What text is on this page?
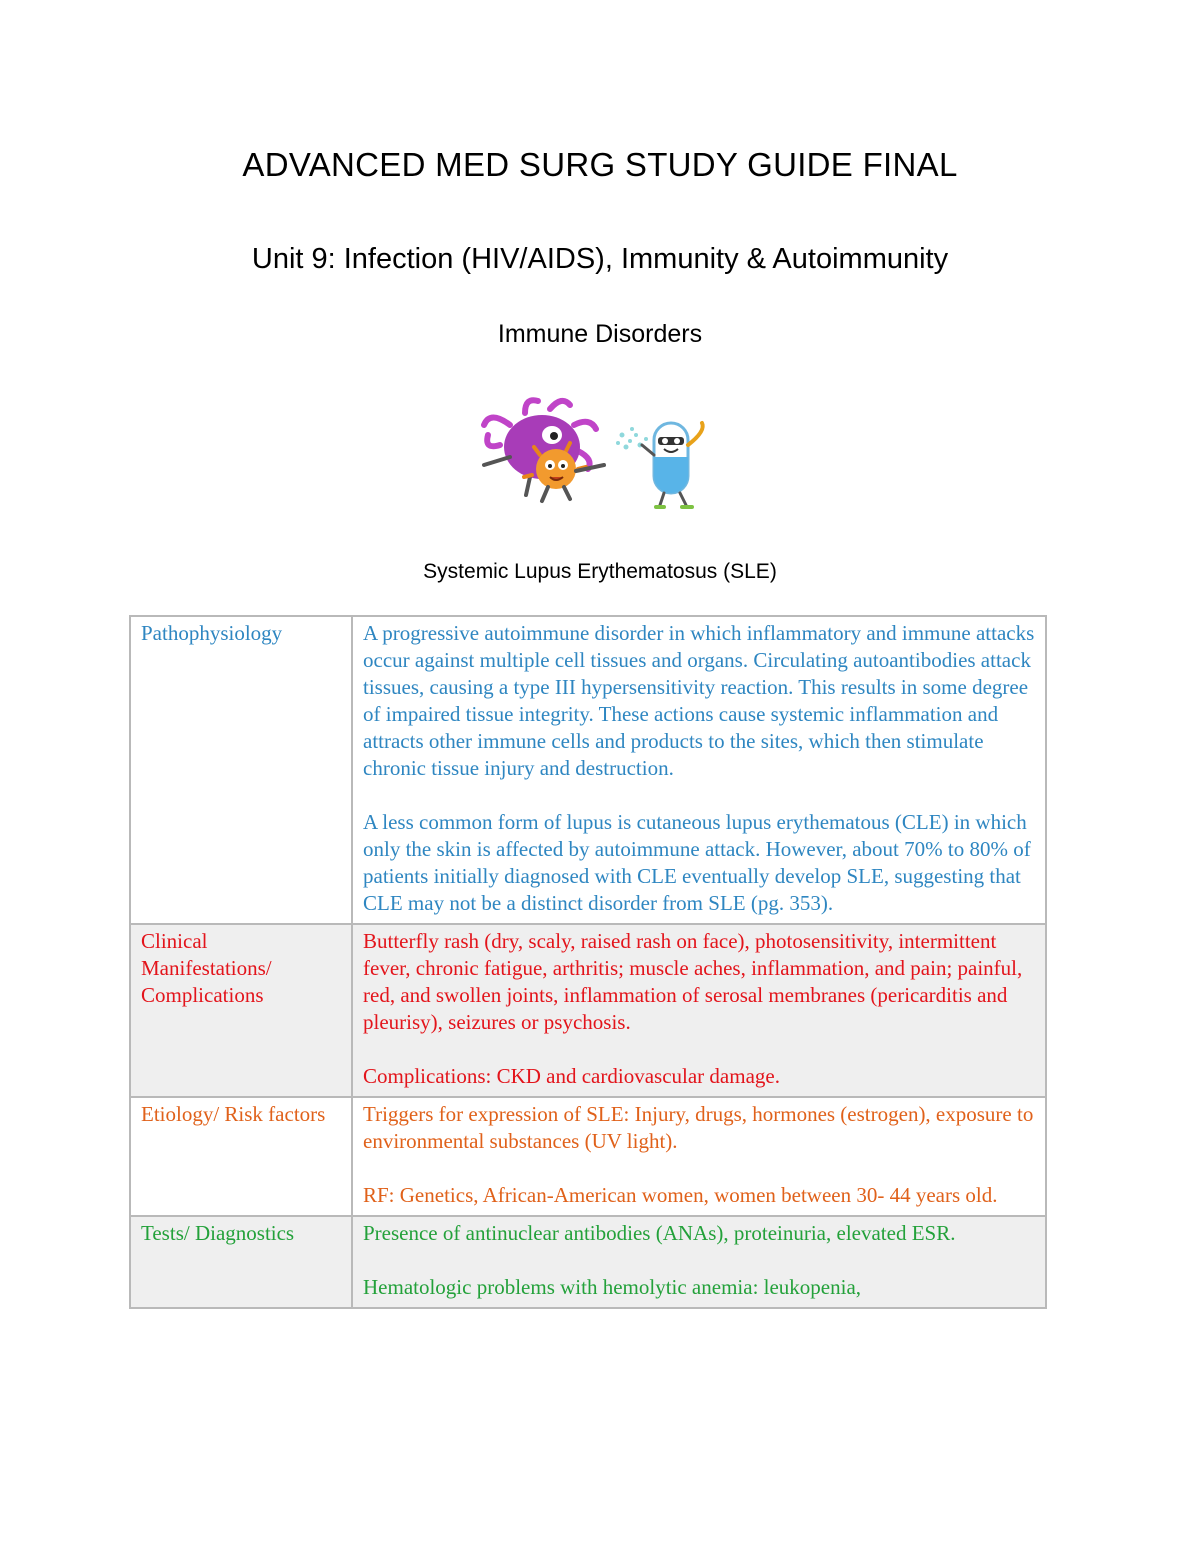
ADVANCED MED SURG STUDY GUIDE FINAL
Unit 9: Infection (HIV/AIDS), Immunity & Autoimmunity
Immune Disorders
Systemic Lupus Erythematosus (SLE)
Pathophysiology	A progressive autoimmune disorder in which inflammatory and immune attacks occur against multiple cell tissues and organs. Circulating autoantibodies attack tissues, causing a type III hypersensitivity reaction. This results in some degree of impaired tissue integrity. These actions cause systemic inflammation and attracts other immune cells and products to the sites, which then stimulate chronic tissue injury and destruction.

A less common form of lupus is cutaneous lupus erythematous (CLE) in which only the skin is affected by autoimmune attack. However, about 70% to 80% of patients initially diagnosed with CLE eventually develop SLE, suggesting that CLE may not be a distinct disorder from SLE (pg. 353).

Clinical Manifestations/ Complications	Butterfly rash (dry, scaly, raised rash on face), photosensitivity, intermittent fever, chronic fatigue, arthritis; muscle aches, inflammation, and pain; painful, red, and swollen joints, inflammation of serosal membranes (pericarditis and pleurisy), seizures or psychosis.

Complications: CKD and cardiovascular damage.

Etiology/ Risk factors	Triggers for expression of SLE: Injury, drugs, hormones (estrogen), exposure to environmental substances (UV light).

RF: Genetics, African-American women, women between 30- 44 years old.

Tests/ Diagnostics	Presence of antinuclear antibodies (ANAs), proteinuria, elevated ESR.

Hematologic problems with hemolytic anemia: leukopenia,
